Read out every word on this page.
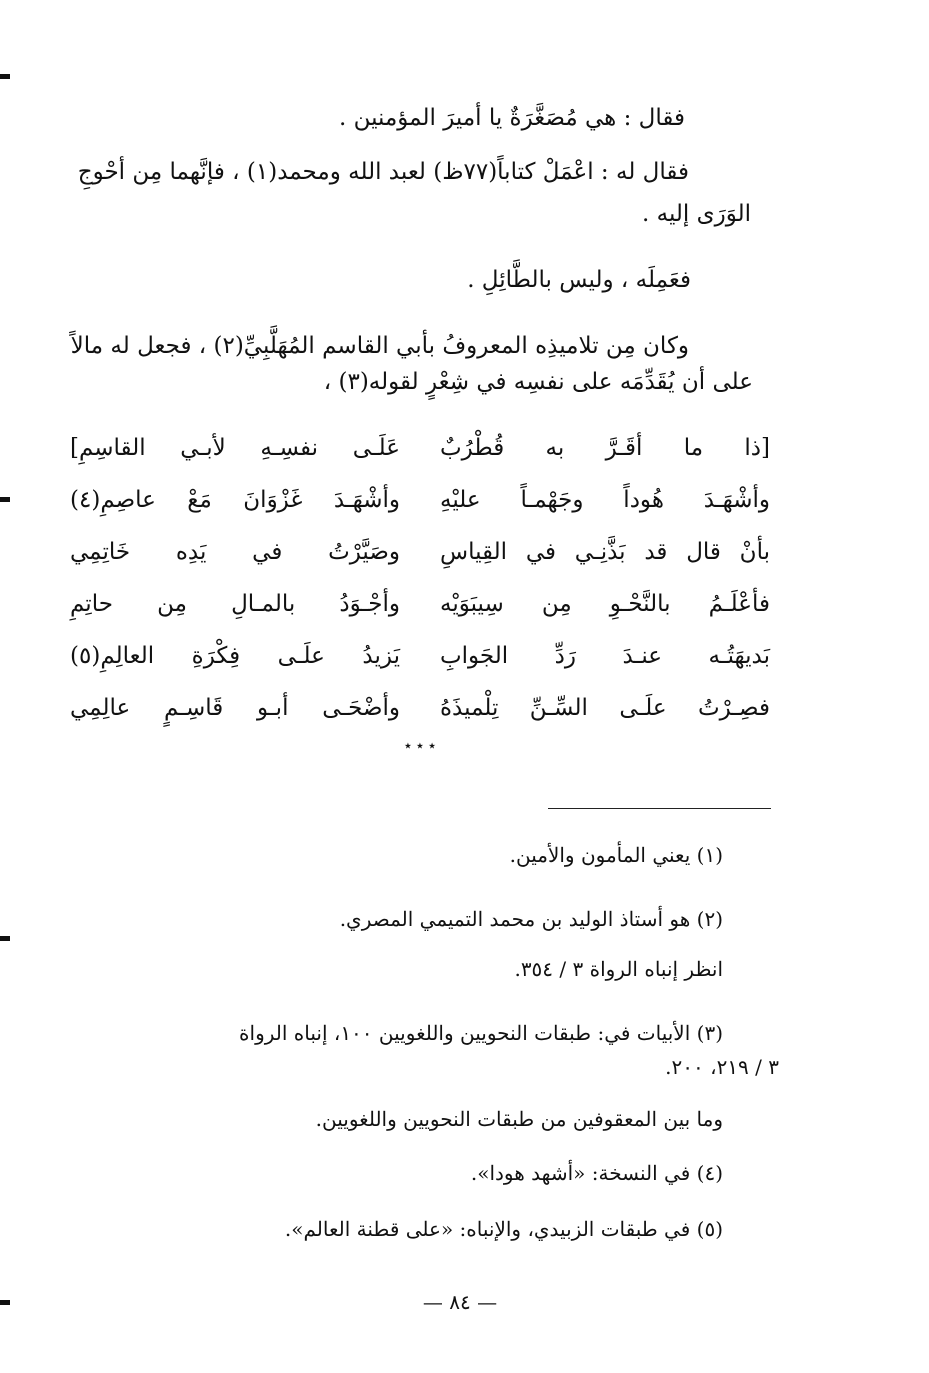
فقال : هي مُصَغَّرَةٌ يا أميرَ المؤمنين .
فقال له : اعْمَلْ كتاباً(٧٧ظ) لعبد الله ومحمد(١) ، فإنَّهما مِن أحْوجِ
الوَرَى إليه .
فعَمِلَه ، وليس بالطَّائِلِ .
وكان مِن تلاميذِه المعروفُ بأبي القاسم المُهَلَّبِيِّ(٢) ، فجعل له مالاً
على أن يُقَدِّمَه على نفسِه في شِعْرٍ لقوله(٣) ،
[ذا ما أقَـرَّ به قُطْرُبٌ
عَلَـى نفسِـهِ لأبـي القاسِمِ]
وأشْهَـدَ هُوداً وجَهْمـاً عليْهِ
وأشْهَـدَ غَزْوَانَ مَعْ عاصِمِ(٤)
بأنْ قال قد بَذَّنِـي في القِياسِ
وصَيَّرْتُ في يَدِه خَاتِمِي
فأعْلَـمُ بالنَّحْـوِ مِن سِيبَوَيْه
وأجْـوَدُ بالمـالِ مِن حاتِمِ
بَديهَتُـه عنـدَ رَدِّ الجَوابِ
يَزيدُ علَـى فِكْرَةِ العالِمِ(٥)
فصِـرْتُ علَـى السِّـنِّ تِلْميذَهُ
وأضْحَـى أبـو قَاسِـمٍ عالِمِي
٭ ٭ ٭
(١) يعني المأمون والأمين.
(٢) هو أستاذ الوليد بن محمد التميمي المصري.
انظر إنباه الرواة ٣ / ٣٥٤.
(٣) الأبيات في: طبقات النحويين واللغويين ١٠٠، إنباه الرواة
٣ / ٢١٩، ٢٠٠.
وما بين المعقوفين من طبقات النحويين واللغويين.
(٤) في النسخة: «أشهد هودا».
(٥) في طبقات الزبيدي، والإنباه: «على قطنة العالم».
— ٨٤ —
